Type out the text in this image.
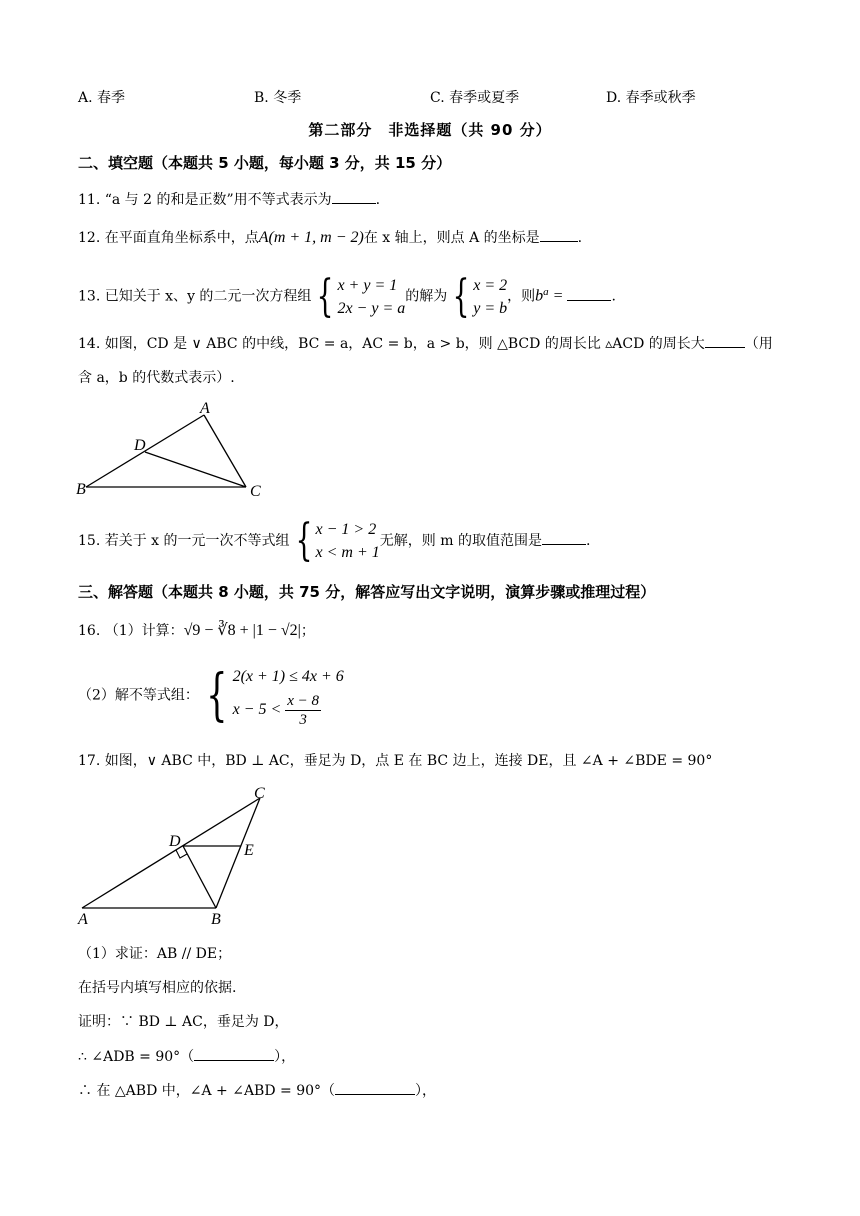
A. 春季	B. 冬季	C. 春季或夏季	D. 春季或秋季
第二部分　非选择题（共 90 分）
二、填空题（本题共 5 小题，每小题 3 分，共 15 分）
11. “a 与 2 的和是正数”用不等式表示为	.
12. 在平面直角坐标系中，点A(m + 1, m − 2)在 x 轴上，则点 A 的坐标是	.
13. 已知关于 x、y 的二元一次方程组 { x + y = 1
2x − y = a
的解为 { x = 2
y = b
，则$b^a$ =	.
14. 如图，CD 是 ∨ ABC 的中线，BC = a，AC = b，a > b，则 △BCD 的周长比 ▵ACD 的周长大	（用
含 a，b 的代数式表示）.
A
B	C
D
15. 若关于 x 的一元一次不等式组 { x − 1 > 2
x < m + 1
无解，则 m 的取值范围是	.
三、解答题（本题共 8 小题，共 75 分，解答应写出文字说明，演算步骤或推理过程）
16. （1）计算：√9 − ∛8 + |1 − √2|；
（2）解不等式组： { 2(x + 1) ≤ 4x + 6
$x - 5 < \frac{x - 8}{3}$
17. 如图，∨ ABC 中，BD ⊥ AC，垂足为 D，点 E 在 BC 边上，连接 DE，且 ∠A + ∠BDE = 90°
C
D
E
A	B
（1）求证：AB // DE；
在括号内填写相应的依据.
证明：∵ BD ⊥ AC，垂足为 D，
∴ ∠ADB = 90°（	），
∴ 在 △ABD 中，∠A + ∠ABD = 90°（	），
